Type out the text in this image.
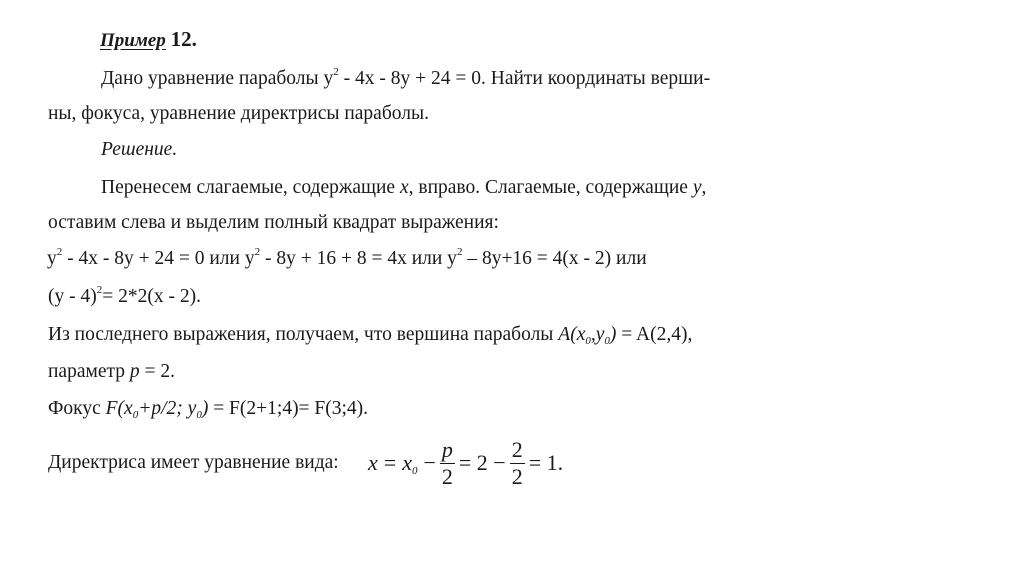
Пример 12.
Дано уравнение параболы $y^2 - 4x - 8y + 24 = 0$. Найти координаты верши-
ны, фокуса, уравнение директрисы параболы.
Решение.
Перенесем слагаемые, содержащие x, вправо. Слагаемые, содержащие y,
оставим слева и выделим полный квадрат выражения:
$y^2 - 4x - 8y + 24 = 0$ или $y^2 - 8y + 16 + 8 = 4x$ или $y^2 - 8y+16 = 4(x - 2)$ или
(y - 4)$^2$= 2*2(x - 2).
Из последнего выражения, получаем, что вершина параболы $A(x_0,y_0) = A(2,4)$,
параметр p = 2.
Фокус $F(x_0+p/2$; $y_0$) = F(2+1;4)= F(3;4).
Директриса имеет уравнение вида: $x = x_0 - \frac{p}{2} = 2 - \frac{2}{2} = 1$.
